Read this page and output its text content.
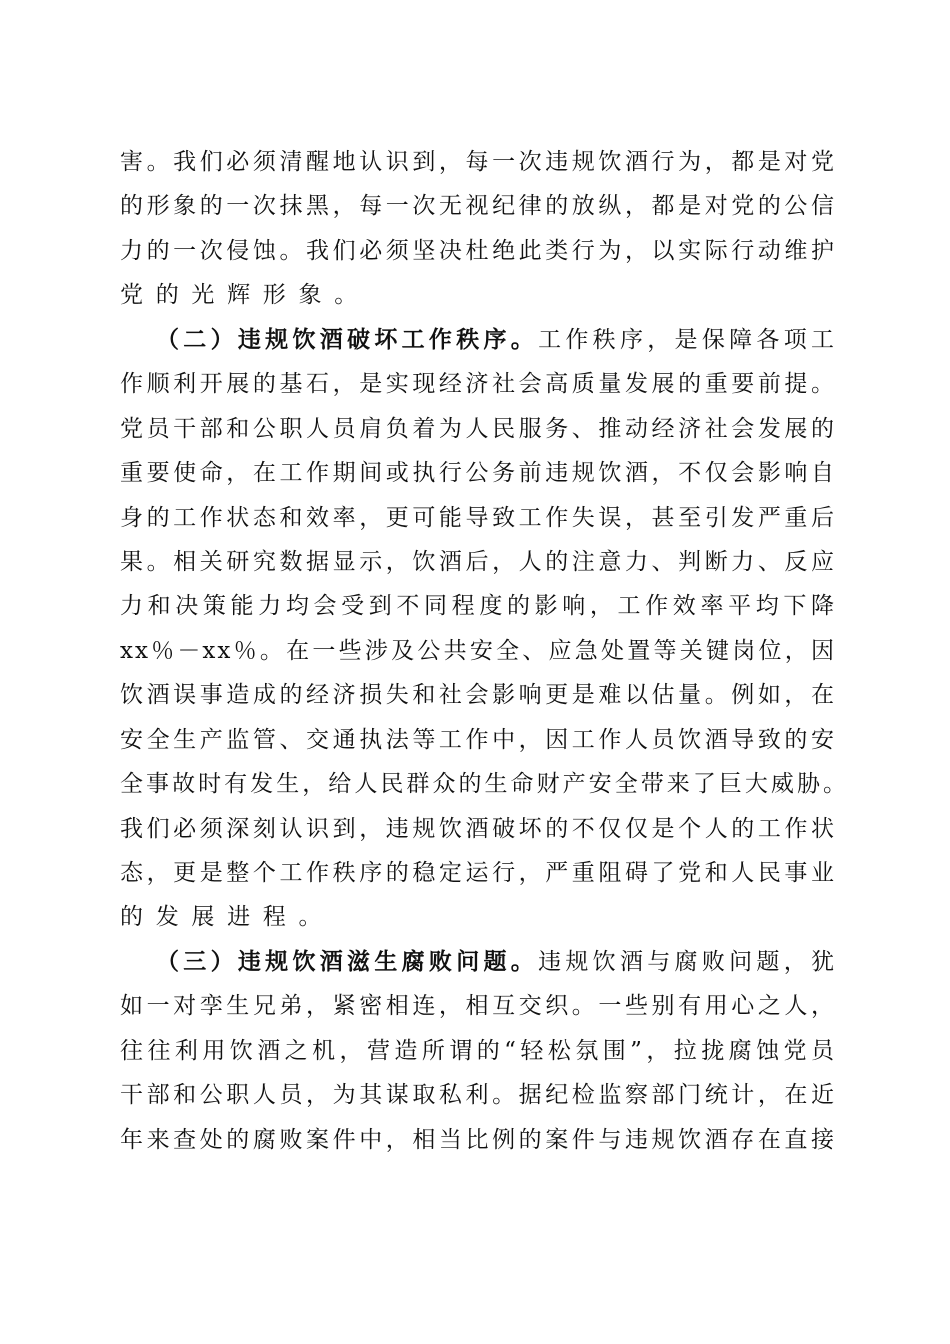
害。我们必须清醒地认识到，每一次违规饮酒行为，都是对党
的形象的一次抹黑，每一次无视纪律的放纵，都是对党的公信
力的一次侵蚀。我们必须坚决杜绝此类行为，以实际行动维护
党的光辉形象。
（二）违规饮酒破坏工作秩序。工作秩序，是保障各项工
作顺利开展的基石，是实现经济社会高质量发展的重要前提。
党员干部和公职人员肩负着为人民服务、推动经济社会发展的
重要使命，在工作期间或执行公务前违规饮酒，不仅会影响自
身的工作状态和效率，更可能导致工作失误，甚至引发严重后
果。相关研究数据显示，饮酒后，人的注意力、判断力、反应
力和决策能力均会受到不同程度的影响，工作效率平均下降
xx％－xx％。在一些涉及公共安全、应急处置等关键岗位，因
饮酒误事造成的经济损失和社会影响更是难以估量。例如，在
安全生产监管、交通执法等工作中，因工作人员饮酒导致的安
全事故时有发生，给人民群众的生命财产安全带来了巨大威胁。
我们必须深刻认识到，违规饮酒破坏的不仅仅是个人的工作状
态，更是整个工作秩序的稳定运行，严重阻碍了党和人民事业
的发展进程。
（三）违规饮酒滋生腐败问题。违规饮酒与腐败问题，犹
如一对孪生兄弟，紧密相连，相互交织。一些别有用心之人，
往往利用饮酒之机，营造所谓的“轻松氛围”，拉拢腐蚀党员
干部和公职人员，为其谋取私利。据纪检监察部门统计，在近
年来查处的腐败案件中，相当比例的案件与违规饮酒存在直接
